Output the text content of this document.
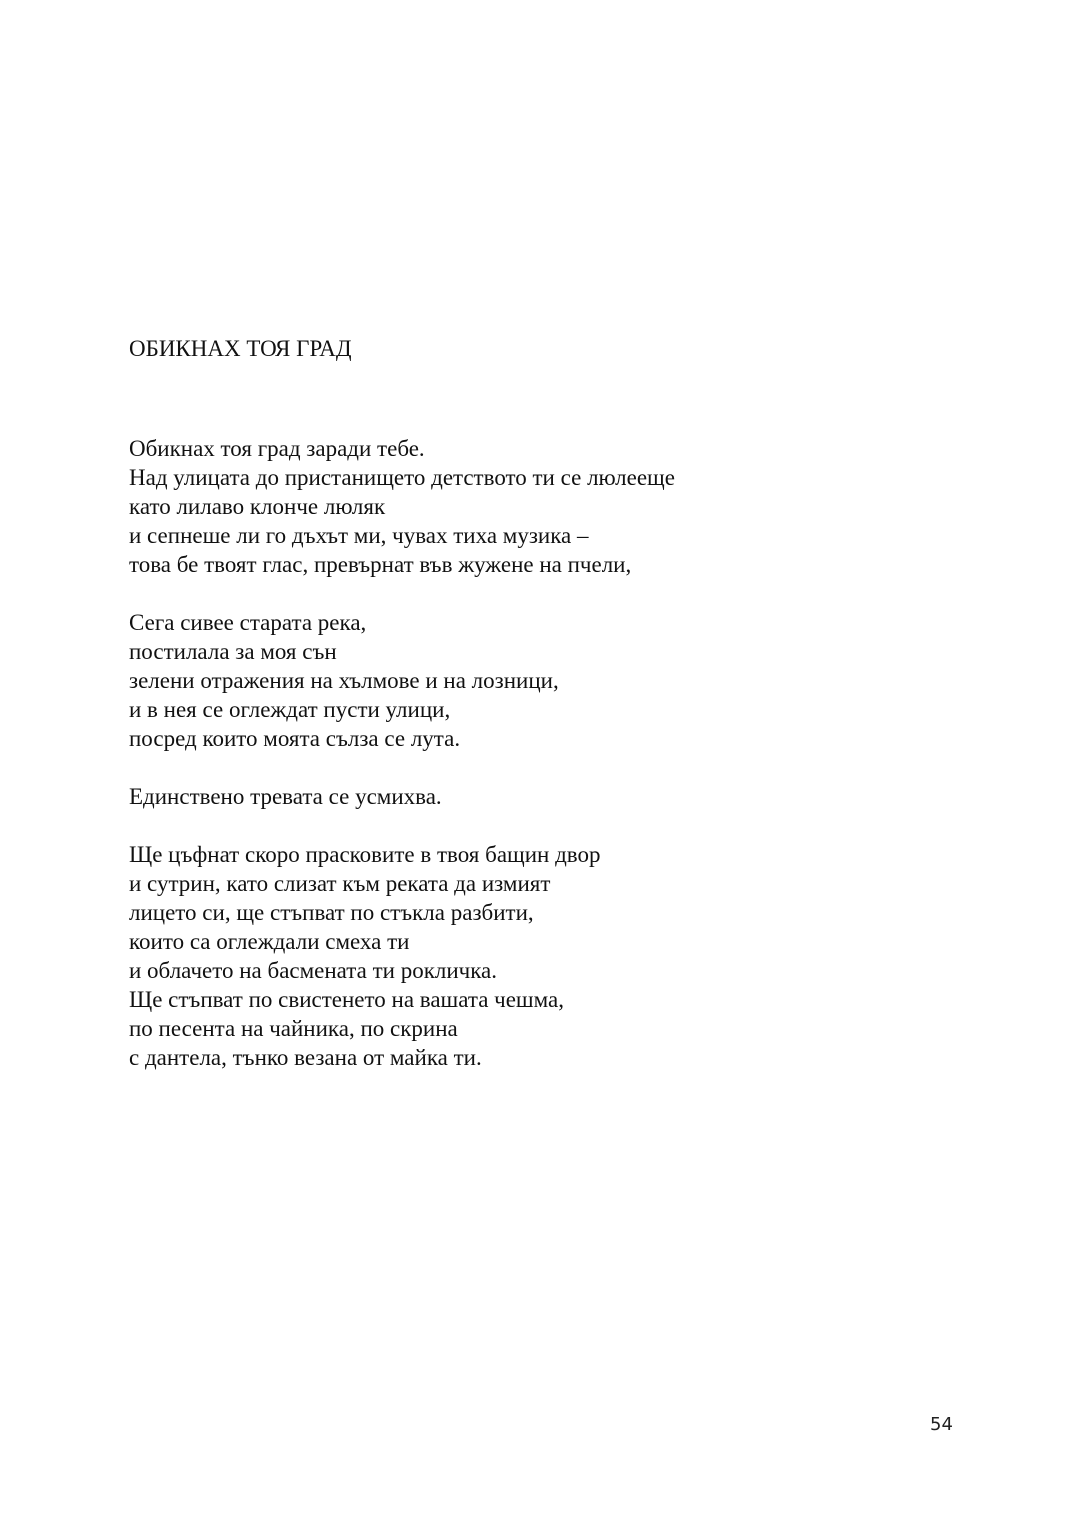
ОБИКНАХ ТОЯ ГРАД
Обикнах тоя град заради тебе.
Над улицата до пристанището детството ти се люлееще
като лилаво клонче люляк
и сепнеше ли го дъхът ми, чувах тиха музика –
това бе твоят глас, превърнат във жужене на пчели,
Сега сивее старата река,
постилала за моя сън
зелени отражения на хълмове и на лозници,
и в нея се оглеждат пусти улици,
посред които моята сълза се лута.
Единствено тревата се усмихва.
Ще цъфнат скоро прасковите в твоя бащин двор
и сутрин, като слизат към реката да измият
лицето си, ще стъпват по стъкла разбити,
които са оглеждали смеха ти
и облачето на басмената ти рокличка.
Ще стъпват по свистенето на вашата чешма,
по песента на чайника, по скрина
с дантела, тънко везана от майка ти.
54
